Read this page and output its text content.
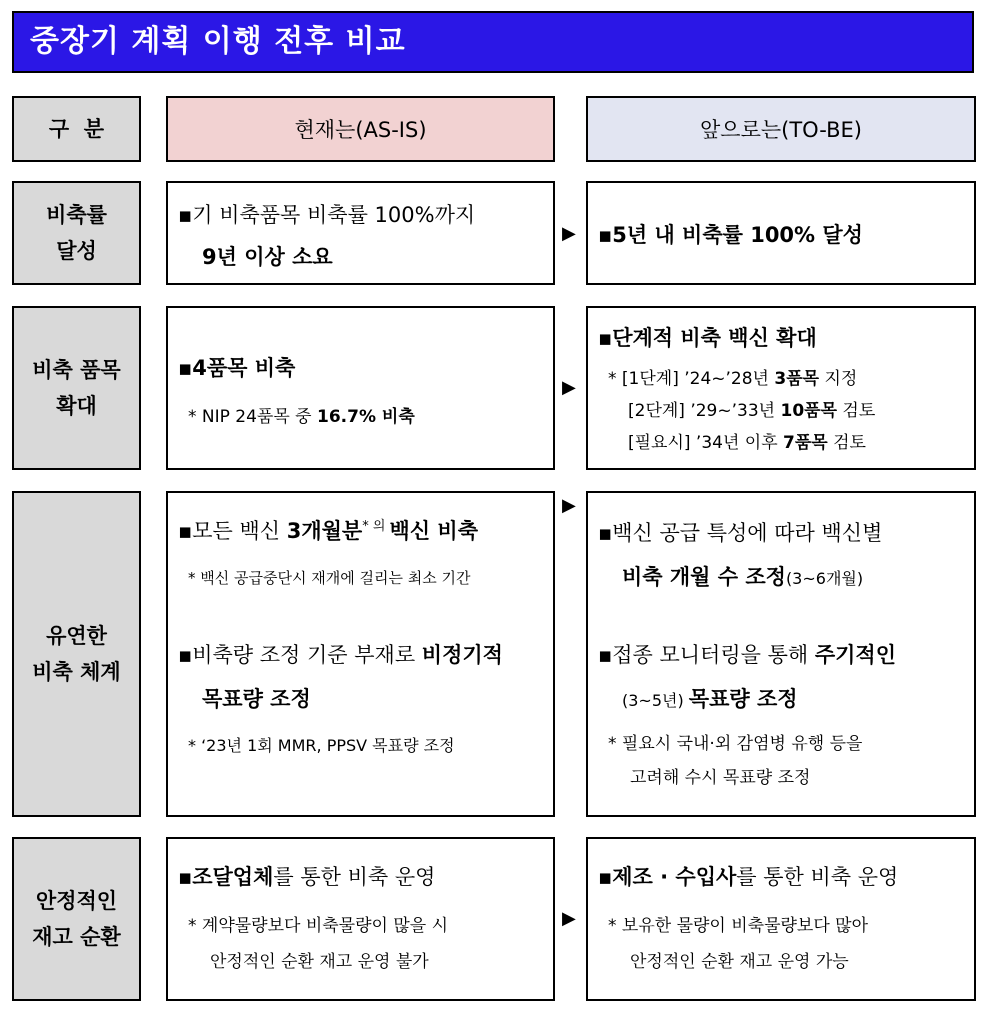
중장기 계획 이행 전후 비교
구  분	현재는(AS-IS)	앞으로는(TO-BE)
비축률
달성
▪기 비축품목 비축률 100%까지
9년 이상 소요
▶ ▪5년 내 비축률 100% 달성
비축 품목
확대
▪4품목 비축
* NIP 24품목 중 16.7% 비축
▶
▪단계적 비축 백신 확대
* [1단계] ’24~’28년 3품목 지정
[2단계] ’29~’33년 10품목 검토
[필요시] ’34년 이후 7품목 검토
유연한
비축 체계
▪모든 백신 3개월분$^{* 의}$ 백신 비축
* 백신 공급중단시 재개에 걸리는 최소 기간
▪비축량 조정 기준 부재로 비정기적
목표량 조정
* ‘23년 1회 MMR, PPSV 목표량 조정
▶
▪백신 공급 특성에 따라 백신별
비축 개월 수 조정(3~6개월)
▪접종 모니터링을 통해 주기적인
(3~5년) 목표량 조정
* 필요시 국내·외 감염병 유행 등을
고려해 수시 목표량 조정
안정적인
재고 순환
▪조달업체를 통한 비축 운영
* 계약물량보다 비축물량이 많을 시
안정적인 순환 재고 운영 불가
▶
▪제조 · 수입사를 통한 비축 운영
* 보유한 물량이 비축물량보다 많아
안정적인 순환 재고 운영 가능
